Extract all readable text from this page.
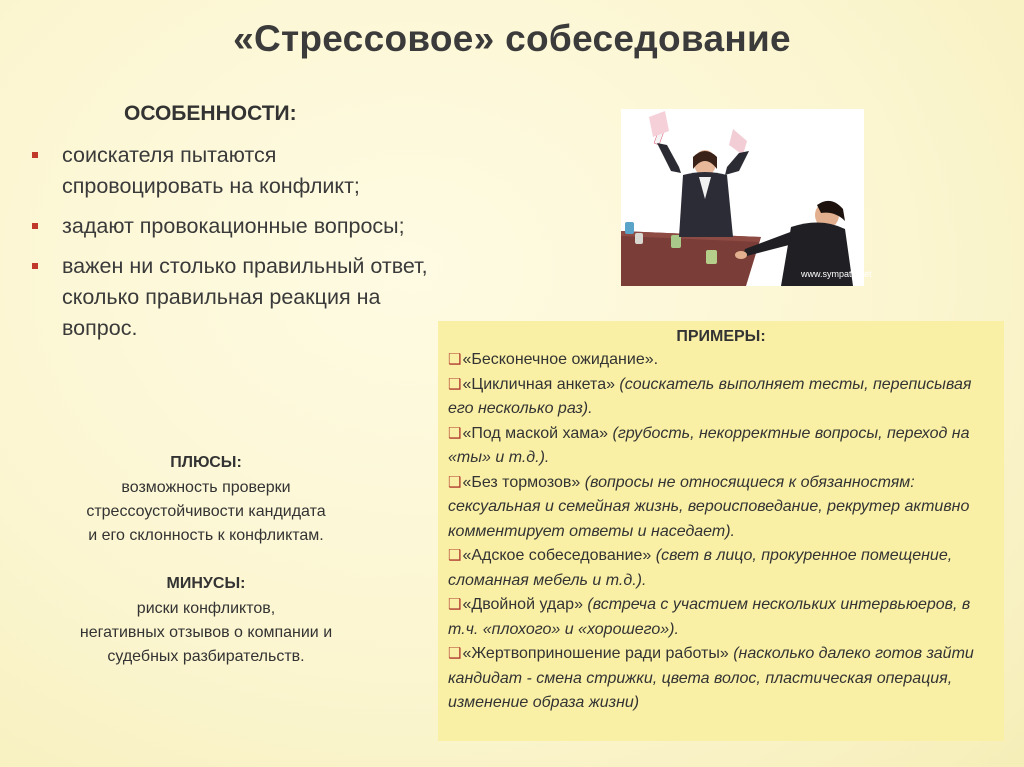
«Стрессовое» собеседование
ОСОБЕННОСТИ:
соискателя пытаются спровоцировать на конфликт;
задают провокационные вопросы;
важен ни столько правильный ответ, сколько правильная реакция на вопрос.
www.sympato.net
ПЛЮСЫ:
возможность проверки
стрессоустойчивости кандидата
и его склонность к конфликтам.
МИНУСЫ:
риски конфликтов,
негативных отзывов о компании и
судебных разбирательств.
ПРИМЕРЫ:
❑«Бесконечное ожидание».
❑«Цикличная анкета» (соискатель выполняет тесты, переписывая его несколько раз).
❑«Под маской хама» (грубость, некорректные вопросы, переход на «ты» и т.д.).
❑«Без тормозов» (вопросы не относящиеся к обязанностям: сексуальная и семейная жизнь, вероисповедание, рекрутер активно комментирует ответы и наседает).
❑«Адское собеседование» (свет в лицо, прокуренное помещение, сломанная мебель и т.д.).
❑«Двойной удар» (встреча с участием нескольких интервьюеров, в т.ч. «плохого» и «хорошего»).
❑«Жертвоприношение ради работы» (насколько далеко готов зайти кандидат - смена стрижки, цвета волос, пластическая операция, изменение образа жизни)
